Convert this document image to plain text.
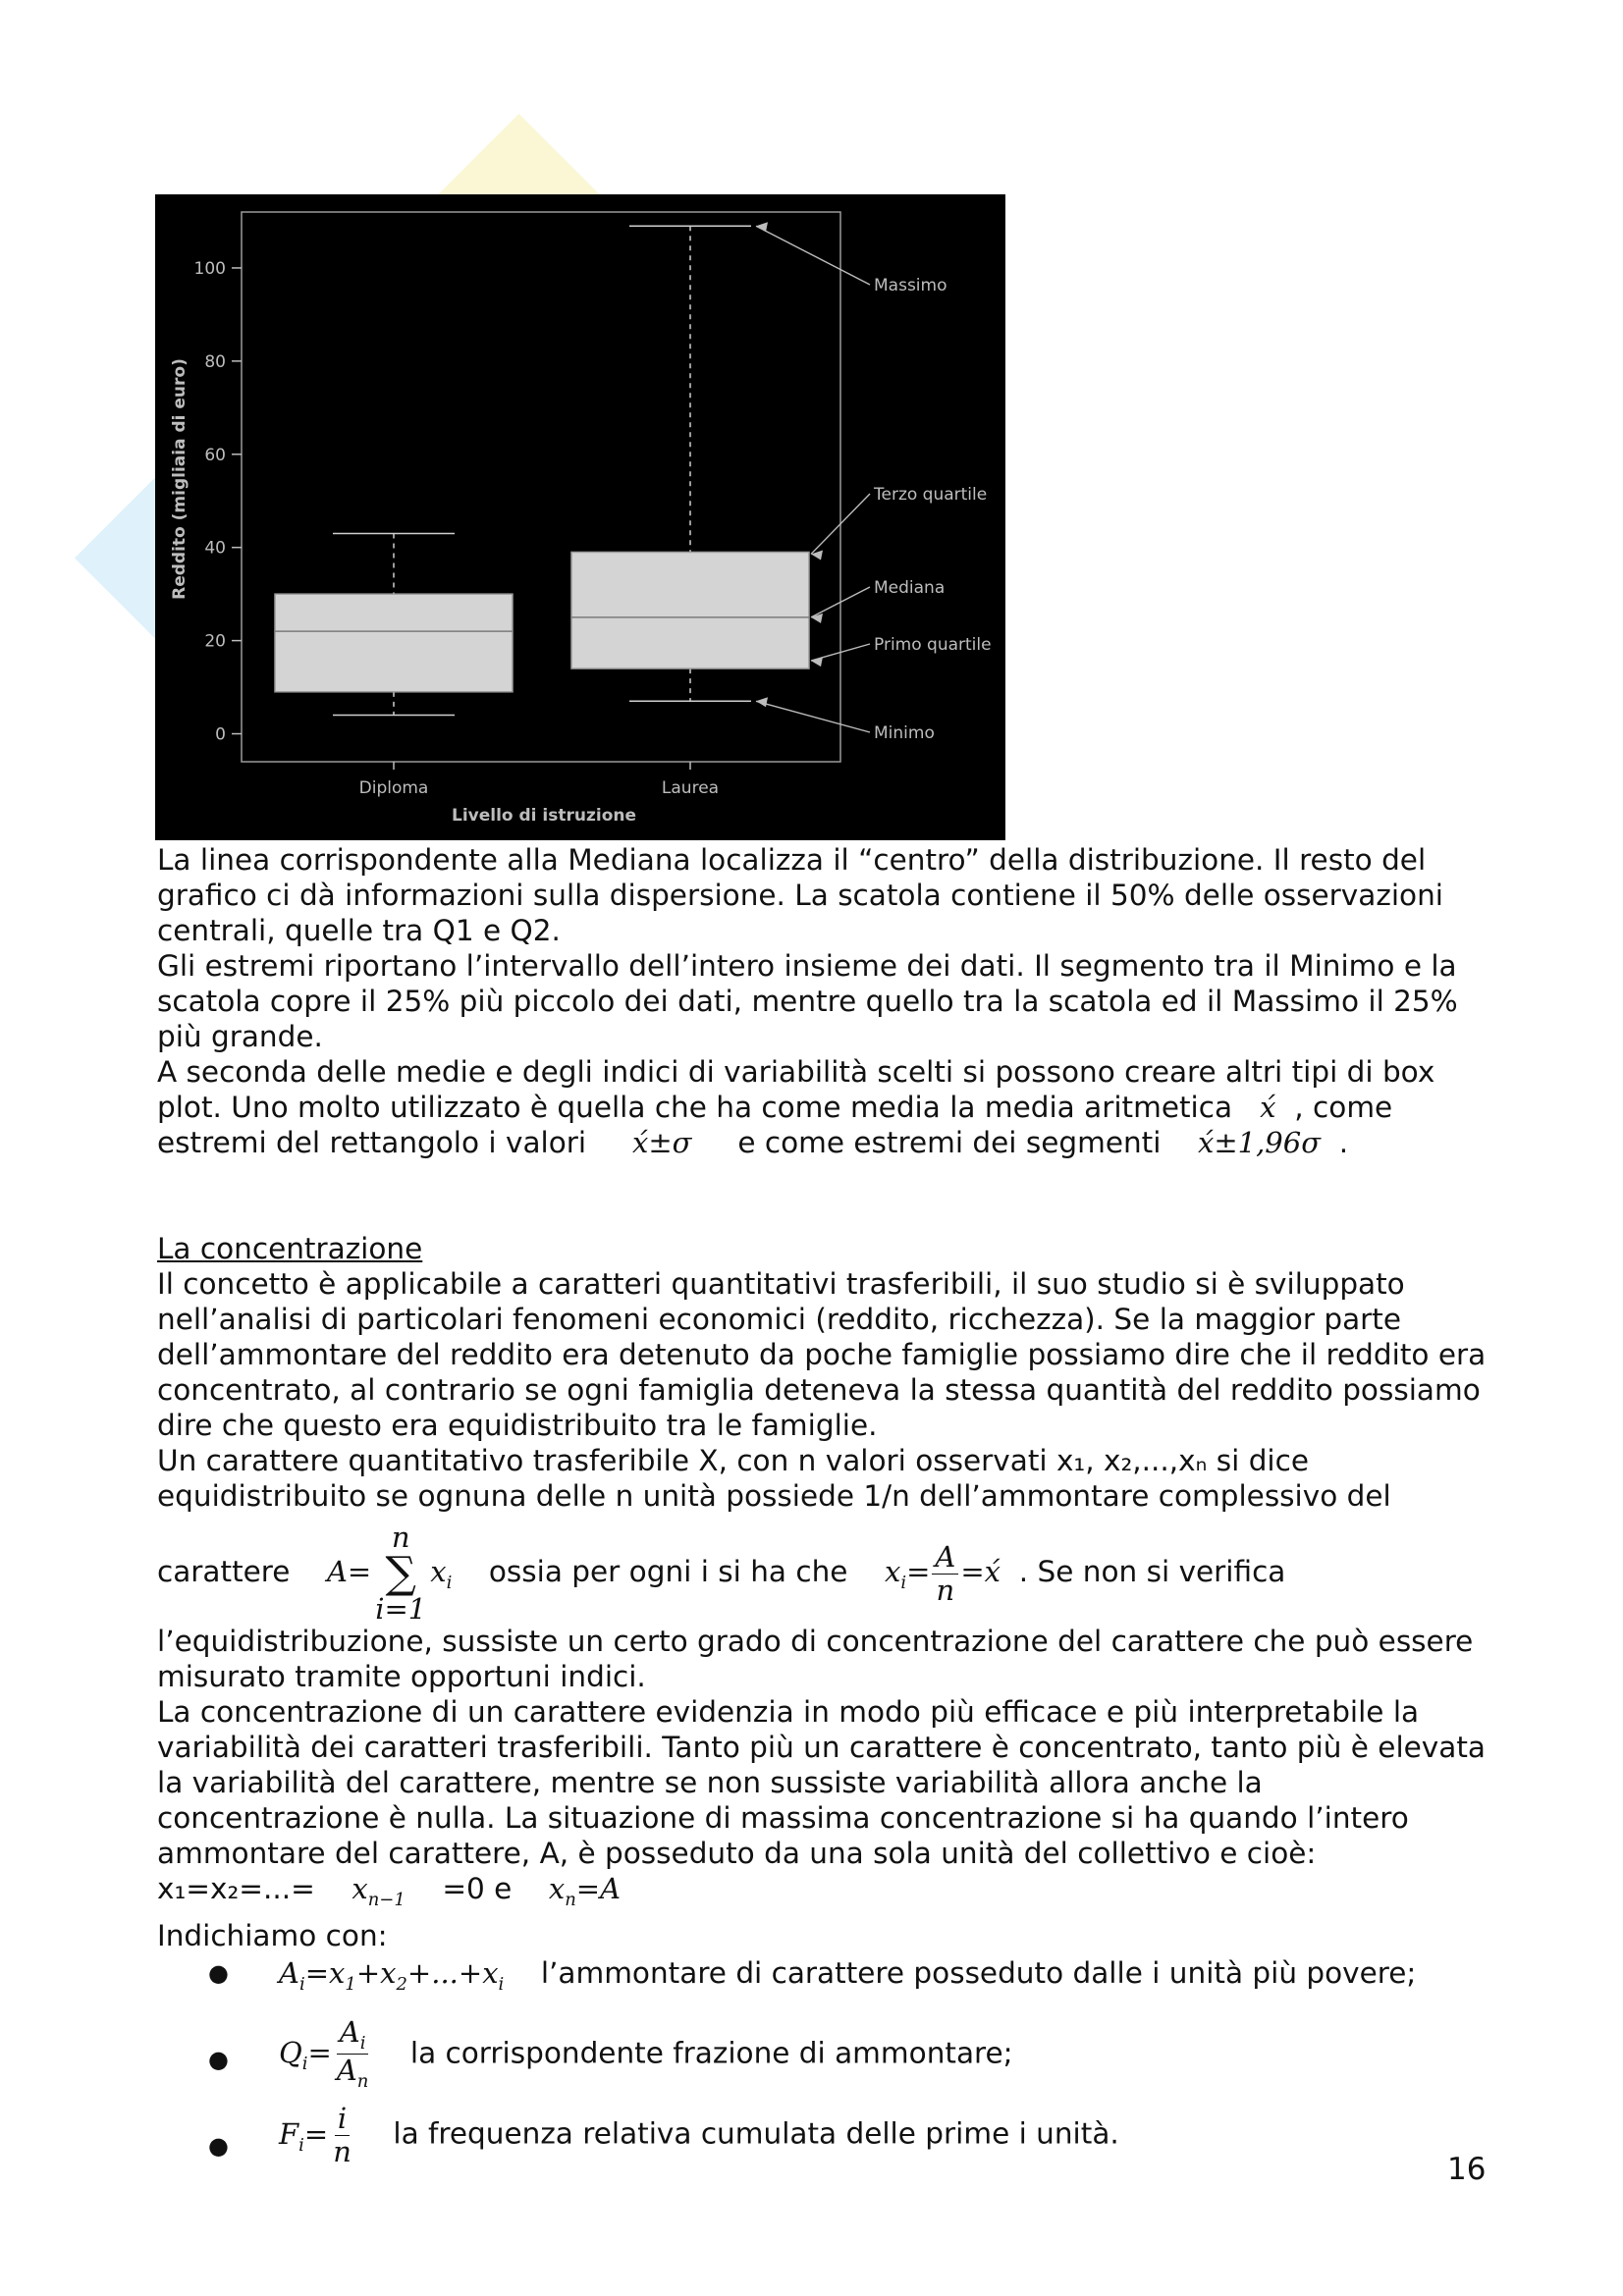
0
20
40
60
80
100
Diploma	Laurea
Massimo
Terzo quartile
Mediana
Primo quartile
Minimo
Livello di istruzione
Reddito (migliaia di euro)

La linea corrispondente alla Mediana localizza il “centro” della distribuzione. Il resto del grafico ci dà informazioni sulla dispersione. La scatola contiene il 50% delle osservazioni centrali, quelle tra Q1 e Q2.

Gli estremi riportano l’intervallo dell’intero insieme dei dati. Il segmento tra il Minimo e la scatola copre il 25% più piccolo dei dati, mentre quello tra la scatola ed il Massimo il 25% più grande.

A seconda delle medie e degli indici di variabilità scelti si possono creare altri tipi di box plot. Uno molto utilizzato è quella che ha come media la media aritmetica x́  , come estremi del rettangolo i valori x́±σ e come estremi dei segmenti x́±1,96σ  .

La concentrazione

Il concetto è applicabile a caratteri quantitativi trasferibili, il suo studio si è sviluppato nell’analisi di particolari fenomeni economici (reddito, ricchezza). Se la maggior parte dell’ammontare del reddito era detenuto da poche famiglie possiamo dire che il reddito era concentrato, al contrario se ogni famiglia deteneva la stessa quantità del reddito possiamo dire che questo era equidistribuito tra le famiglie.

Un carattere quantitativo trasferibile X, con n valori osservati x₁, x₂,...,xₙ si dice equidistribuito se ognuna delle n unità possiede 1/n dell’ammontare complessivo del

carattere A=
n
∑
i=1
$x_i$ ossia per ogni i si ha che $x_i= \frac{A}{n}$ =x́ . Se non si verifica

l’equidistribuzione, sussiste un certo grado di concentrazione del carattere che può essere misurato tramite opportuni indici.

La concentrazione di un carattere evidenzia in modo più efficace e più interpretabile la variabilità dei caratteri trasferibili. Tanto più un carattere è concentrato, tanto più è elevata la variabilità del carattere, mentre se non sussiste variabilità allora anche la concentrazione è nulla. La situazione di massima concentrazione si ha quando l’intero ammontare del carattere, A, è posseduto da una sola unità del collettivo e cioè:

$x_1=x_2=...= x_{n-1} =0$ e $x_n=A$

Indichiamo con:

● $A_i=x_1+x_2+...+x_i$ l’ammontare di carattere posseduto dalle i unità più povere;
● $Q_i= \frac{A_i}{A_n}$ la corrispondente frazione di ammontare;
● $F_i= \frac{i}{n}$ la frequenza relativa cumulata delle prime i unità.
16
